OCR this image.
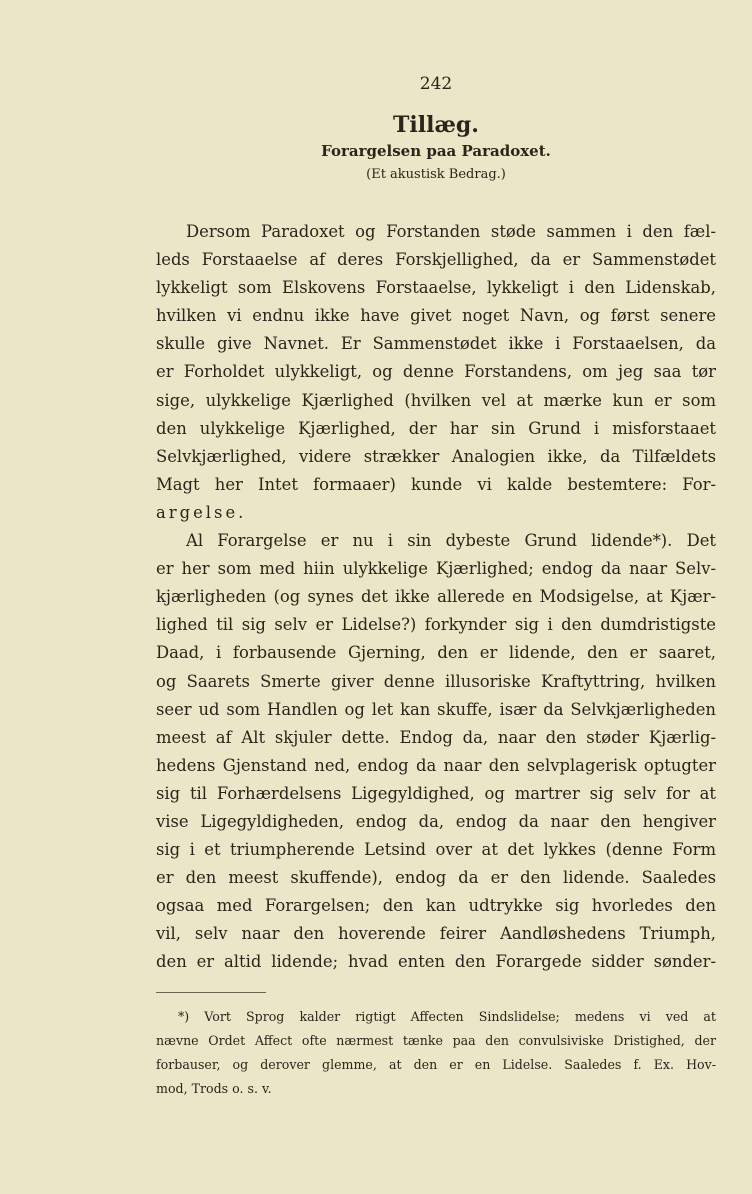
242
Tillæg.
Forargelsen paa Paradoxet.
(Et akustisk Bedrag.)
Dersom Paradoxet og Forstanden støde sammen i den fæl-
leds Forstaaelse af deres Forskjellighed, da er Sammenstødet
lykkeligt som Elskovens Forstaaelse, lykkeligt i den Lidenskab,
hvilken vi endnu ikke have givet noget Navn, og først senere
skulle give Navnet. Er Sammenstødet ikke i Forstaaelsen, da
er Forholdet ulykkeligt, og denne Forstandens, om jeg saa tør
sige, ulykkelige Kjærlighed (hvilken vel at mærke kun er som
den ulykkelige Kjærlighed, der har sin Grund i misforstaaet
Selvkjærlighed, videre strækker Analogien ikke, da Tilfældets
Magt her Intet formaaer) kunde vi kalde bestemtere: For-
argelse.
Al Forargelse er nu i sin dybeste Grund lidende*). Det
er her som med hiin ulykkelige Kjærlighed; endog da naar Selv-
kjærligheden (og synes det ikke allerede en Modsigelse, at Kjær-
lighed til sig selv er Lidelse?) forkynder sig i den dumdristigste
Daad, i forbausende Gjerning, den er lidende, den er saaret,
og Saarets Smerte giver denne illusoriske Kraftyttring, hvilken
seer ud som Handlen og let kan skuffe, især da Selvkjærligheden
meest af Alt skjuler dette. Endog da, naar den støder Kjærlig-
hedens Gjenstand ned, endog da naar den selvplagerisk optugter
sig til Forhærdelsens Ligegyldighed, og martrer sig selv for at
vise Ligegyldigheden, endog da, endog da naar den hengiver
sig i et triumpherende Letsind over at det lykkes (denne Form
er den meest skuffende), endog da er den lidende. Saaledes
ogsaa med Forargelsen; den kan udtrykke sig hvorledes den
vil, selv naar den hoverende feirer Aandløshedens Triumph,
den er altid lidende; hvad enten den Forargede sidder sønder-
*) Vort Sprog kalder rigtigt Affecten Sindslidelse; medens vi ved at
nævne Ordet Affect ofte nærmest tænke paa den convulsiviske Dristighed, der
forbauser, og derover glemme, at den er en Lidelse. Saaledes f. Ex. Hov-
mod, Trods o. s. v.
